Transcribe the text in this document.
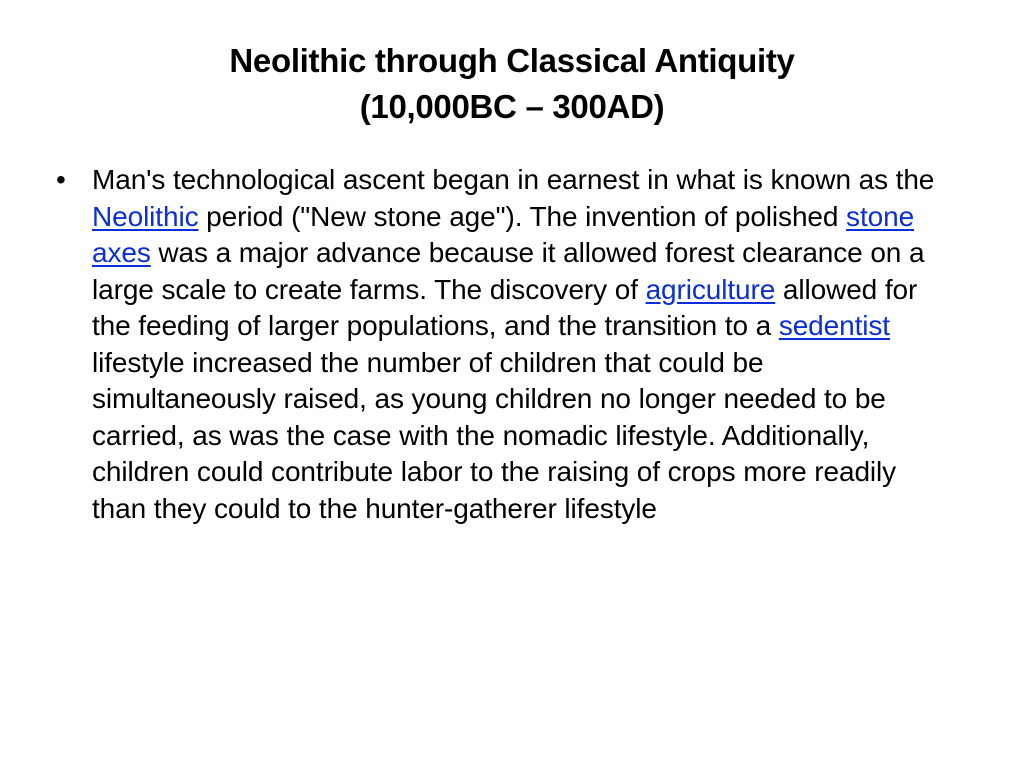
Neolithic through Classical Antiquity
(10,000BC – 300AD)
• Man's technological ascent began in earnest in what is known as the Neolithic period ("New stone age"). The invention of polished stone axes was a major advance because it allowed forest clearance on a large scale to create farms. The discovery of agriculture allowed for the feeding of larger populations, and the transition to a sedentist lifestyle increased the number of children that could be simultaneously raised, as young children no longer needed to be carried, as was the case with the nomadic lifestyle. Additionally, children could contribute labor to the raising of crops more readily than they could to the hunter-gatherer lifestyle
